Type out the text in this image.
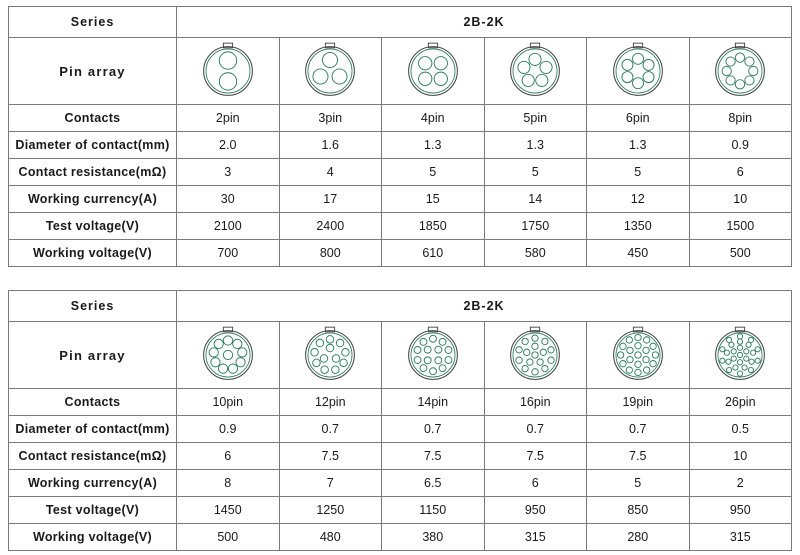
Series	2B-2K					
Pin array	

Contacts	2pin	3pin	4pin	5pin	6pin	8pin
Diameter of contact(mm)	2.0	1.6	1.3	1.3	1.3	0.9
Contact resistance(mΩ)	3	4	5	5	5	6
Working currency(A)	30	17	15	14	12	10
Test voltage(V)	2100	2400	1850	1750	1350	1500
Working voltage(V)	700	800	610	580	450	500
Series	2B-2K					
Pin array	

Contacts	10pin	12pin	14pin	16pin	19pin	26pin
Diameter of contact(mm)	0.9	0.7	0.7	0.7	0.7	0.5
Contact resistance(mΩ)	6	7.5	7.5	7.5	7.5	10
Working currency(A)	8	7	6.5	6	5	2
Test voltage(V)	1450	1250	1150	950	850	950
Working voltage(V)	500	480	380	315	280	315
